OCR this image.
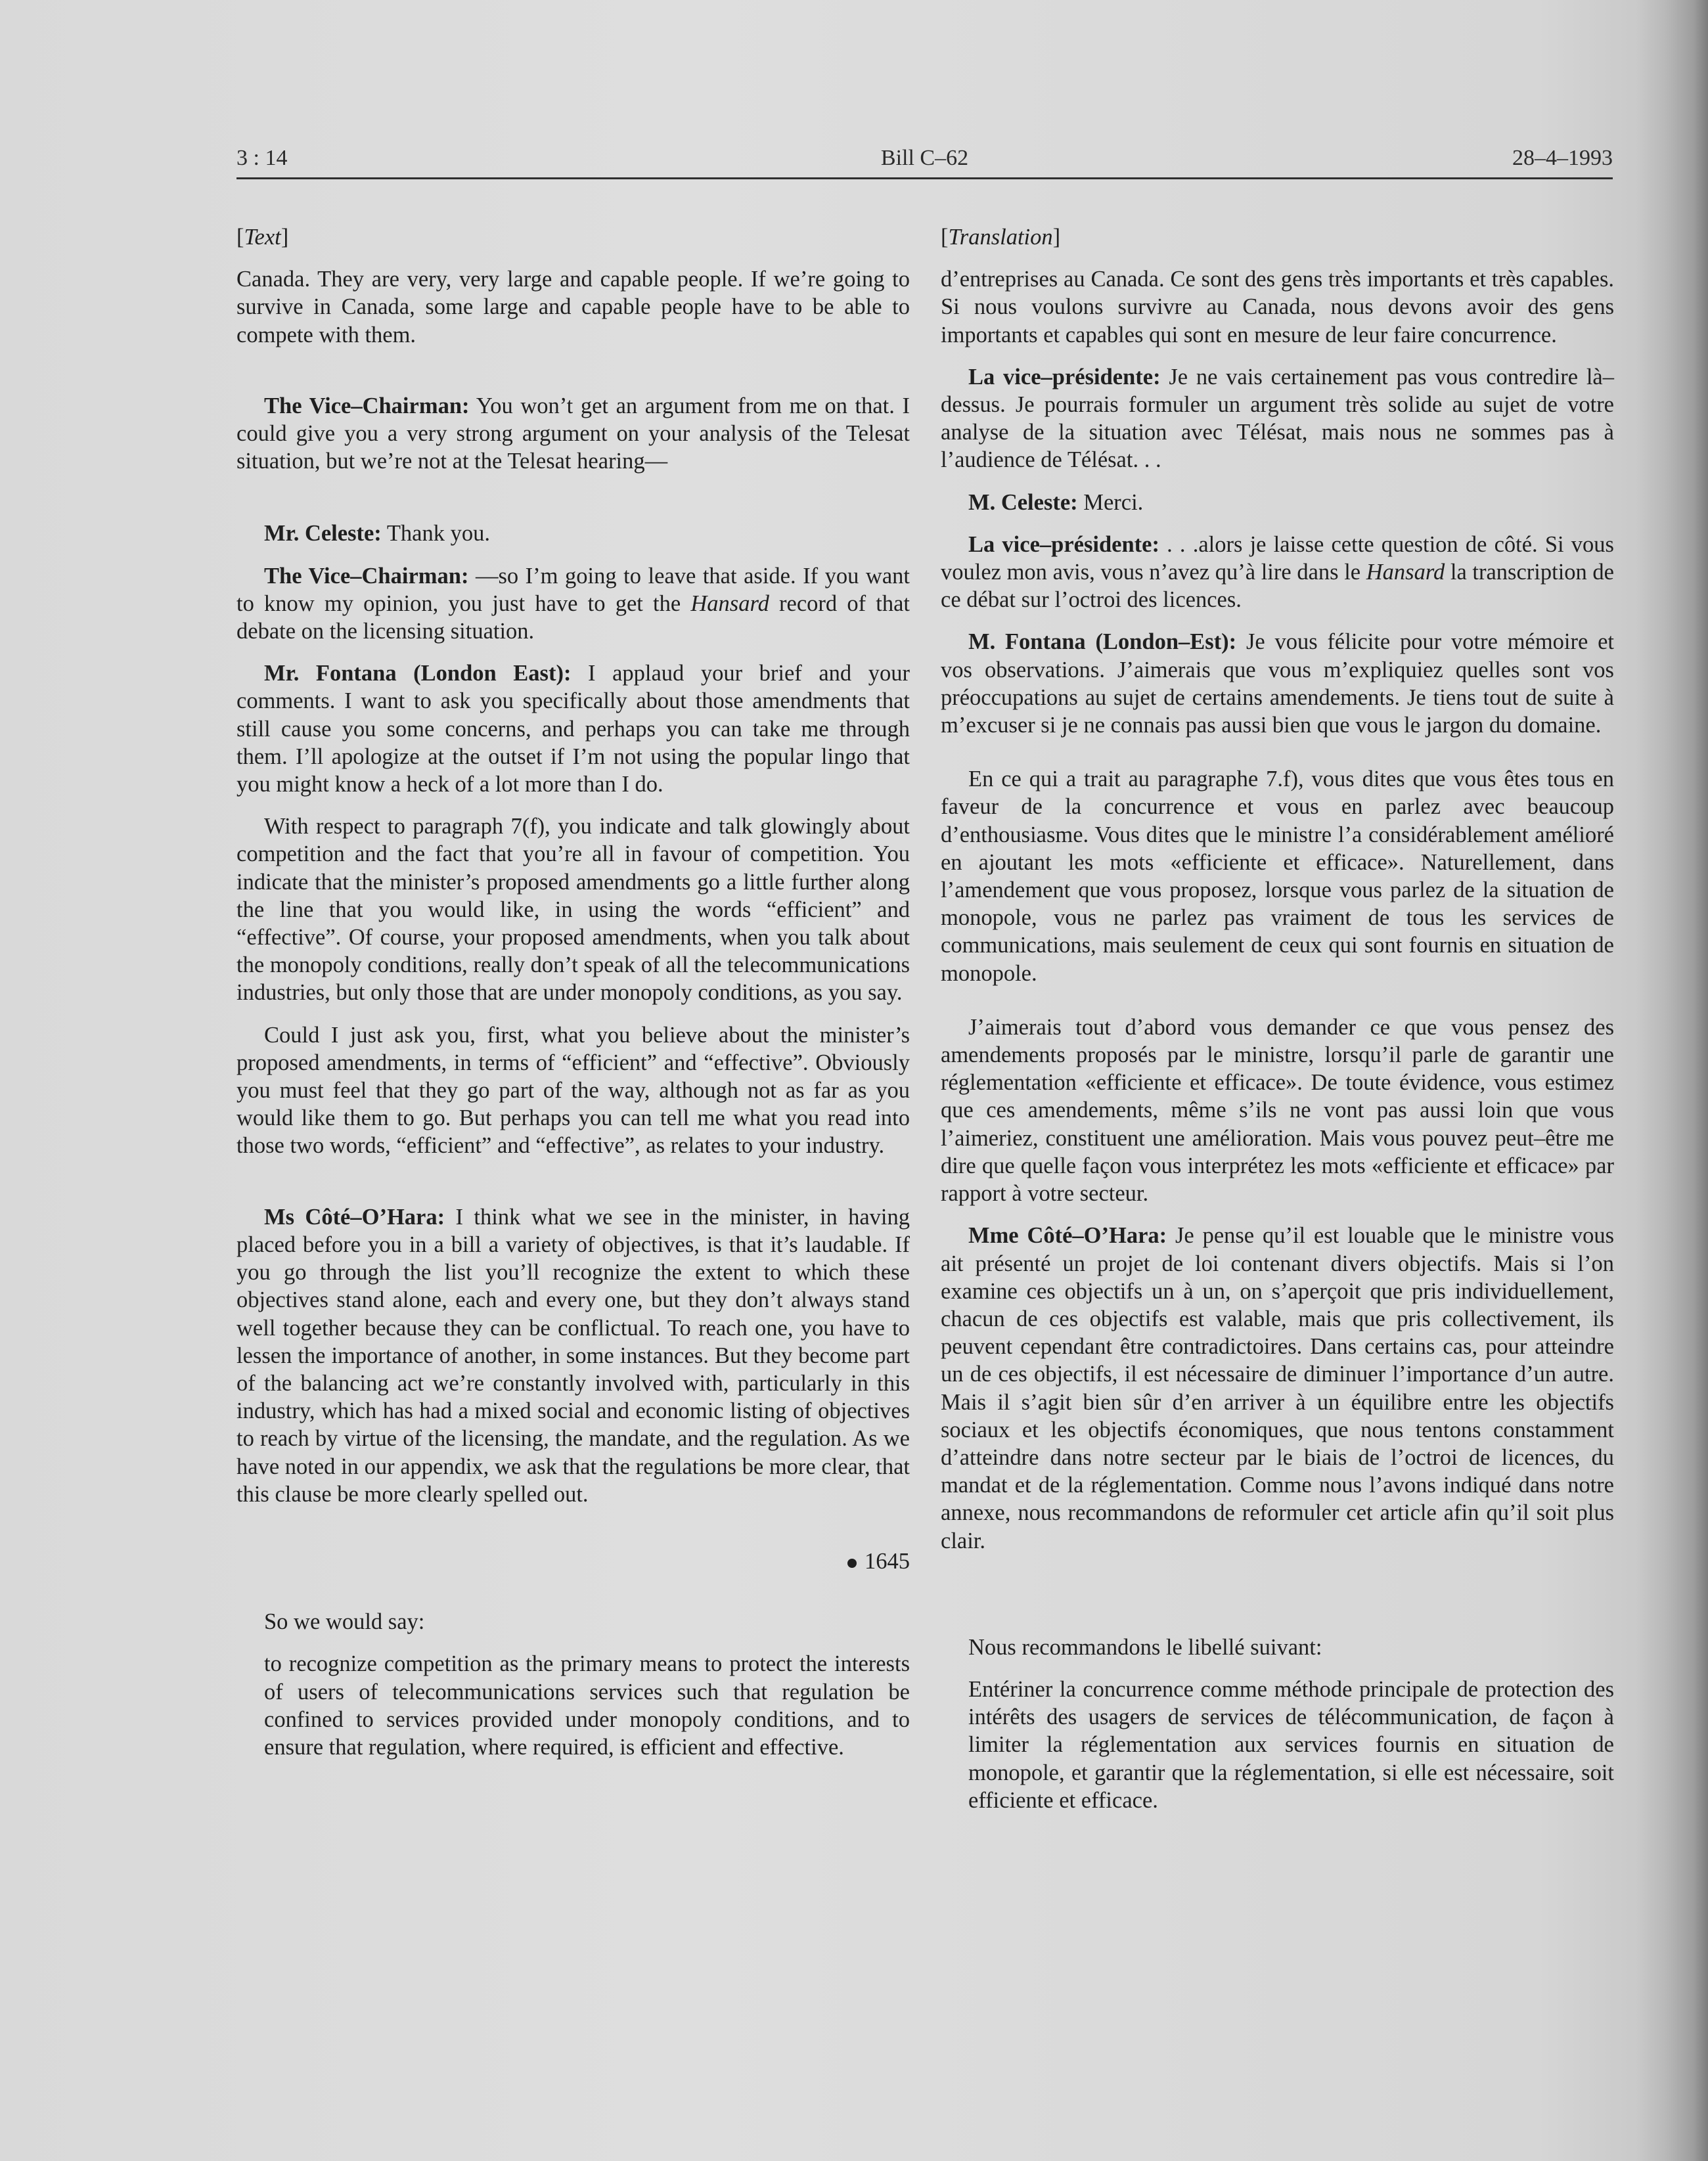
3 : 14	Bill C–62	28–4–1993

[Text]

Canada. They are very, very large and capable people. If we’re going to survive in Canada, some large and capable people have to be able to compete with them.

The Vice–Chairman: You won’t get an argument from me on that. I could give you a very strong argument on your analysis of the Telesat situation, but we’re not at the Telesat hearing—

Mr. Celeste: Thank you.

The Vice–Chairman: —so I’m going to leave that aside. If you want to know my opinion, you just have to get the Hansard record of that debate on the licensing situation.

Mr. Fontana (London East): I applaud your brief and your comments. I want to ask you specifically about those amendments that still cause you some concerns, and perhaps you can take me through them. I’ll apologize at the outset if I’m not using the popular lingo that you might know a heck of a lot more than I do.

With respect to paragraph 7(f), you indicate and talk glowingly about competition and the fact that you’re all in favour of competition. You indicate that the minister’s proposed amendments go a little further along the line that you would like, in using the words “efficient” and “effective”. Of course, your proposed amendments, when you talk about the monopoly conditions, really don’t speak of all the telecommunications industries, but only those that are under monopoly conditions, as you say.

Could I just ask you, first, what you believe about the minister’s proposed amendments, in terms of “efficient” and “effective”. Obviously you must feel that they go part of the way, although not as far as you would like them to go. But perhaps you can tell me what you read into those two words, “efficient” and “effective”, as relates to your industry.

Ms Côté–O’Hara: I think what we see in the minister, in having placed before you in a bill a variety of objectives, is that it’s laudable. If you go through the list you’ll recognize the extent to which these objectives stand alone, each and every one, but they don’t always stand well together because they can be conflictual. To reach one, you have to lessen the importance of another, in some instances. But they become part of the balancing act we’re constantly involved with, particularly in this industry, which has had a mixed social and economic listing of objectives to reach by virtue of the licensing, the mandate, and the regulation. As we have noted in our appendix, we ask that the regulations be more clear, that this clause be more clearly spelled out.

1645

So we would say:

to recognize competition as the primary means to protect the interests of users of telecommunications services such that regulation be confined to services provided under monopoly conditions, and to ensure that regulation, where required, is efficient and effective.

[Translation]

d’entreprises au Canada. Ce sont des gens très importants et très capables. Si nous voulons survivre au Canada, nous devons avoir des gens importants et capables qui sont en mesure de leur faire concurrence.

La vice–présidente: Je ne vais certainement pas vous contredire là–dessus. Je pourrais formuler un argument très solide au sujet de votre analyse de la situation avec Télésat, mais nous ne sommes pas à l’audience de Télésat. . .

M. Celeste: Merci.

La vice–présidente: . . .alors je laisse cette question de côté. Si vous voulez mon avis, vous n’avez qu’à lire dans le Hansard la transcription de ce débat sur l’octroi des licences.

M. Fontana (London–Est): Je vous félicite pour votre mémoire et vos observations. J’aimerais que vous m’expliquiez quelles sont vos préoccupations au sujet de certains amendements. Je tiens tout de suite à m’excuser si je ne connais pas aussi bien que vous le jargon du domaine.

En ce qui a trait au paragraphe 7.f), vous dites que vous êtes tous en faveur de la concurrence et vous en parlez avec beaucoup d’enthousiasme. Vous dites que le ministre l’a considérablement amélioré en ajoutant les mots «efficiente et efficace». Naturellement, dans l’amendement que vous proposez, lorsque vous parlez de la situation de monopole, vous ne parlez pas vraiment de tous les services de communications, mais seulement de ceux qui sont fournis en situation de monopole.

J’aimerais tout d’abord vous demander ce que vous pensez des amendements proposés par le ministre, lorsqu’il parle de garantir une réglementation «efficiente et efficace». De toute évidence, vous estimez que ces amendements, même s’ils ne vont pas aussi loin que vous l’aimeriez, constituent une amélioration. Mais vous pouvez peut–être me dire que quelle façon vous interprétez les mots «efficiente et efficace» par rapport à votre secteur.

Mme Côté–O’Hara: Je pense qu’il est louable que le ministre vous ait présenté un projet de loi contenant divers objectifs. Mais si l’on examine ces objectifs un à un, on s’aperçoit que pris individuellement, chacun de ces objectifs est valable, mais que pris collectivement, ils peuvent cependant être contradictoires. Dans certains cas, pour atteindre un de ces objectifs, il est nécessaire de diminuer l’importance d’un autre. Mais il s’agit bien sûr d’en arriver à un équilibre entre les objectifs sociaux et les objectifs économiques, que nous tentons constamment d’atteindre dans notre secteur par le biais de l’octroi de licences, du mandat et de la réglementation. Comme nous l’avons indiqué dans notre annexe, nous recommandons de reformuler cet article afin qu’il soit plus clair.

Nous recommandons le libellé suivant:

Entériner la concurrence comme méthode principale de protection des intérêts des usagers de services de télécommunication, de façon à limiter la réglementation aux services fournis en situation de monopole, et garantir que la réglementation, si elle est nécessaire, soit efficiente et efficace.
